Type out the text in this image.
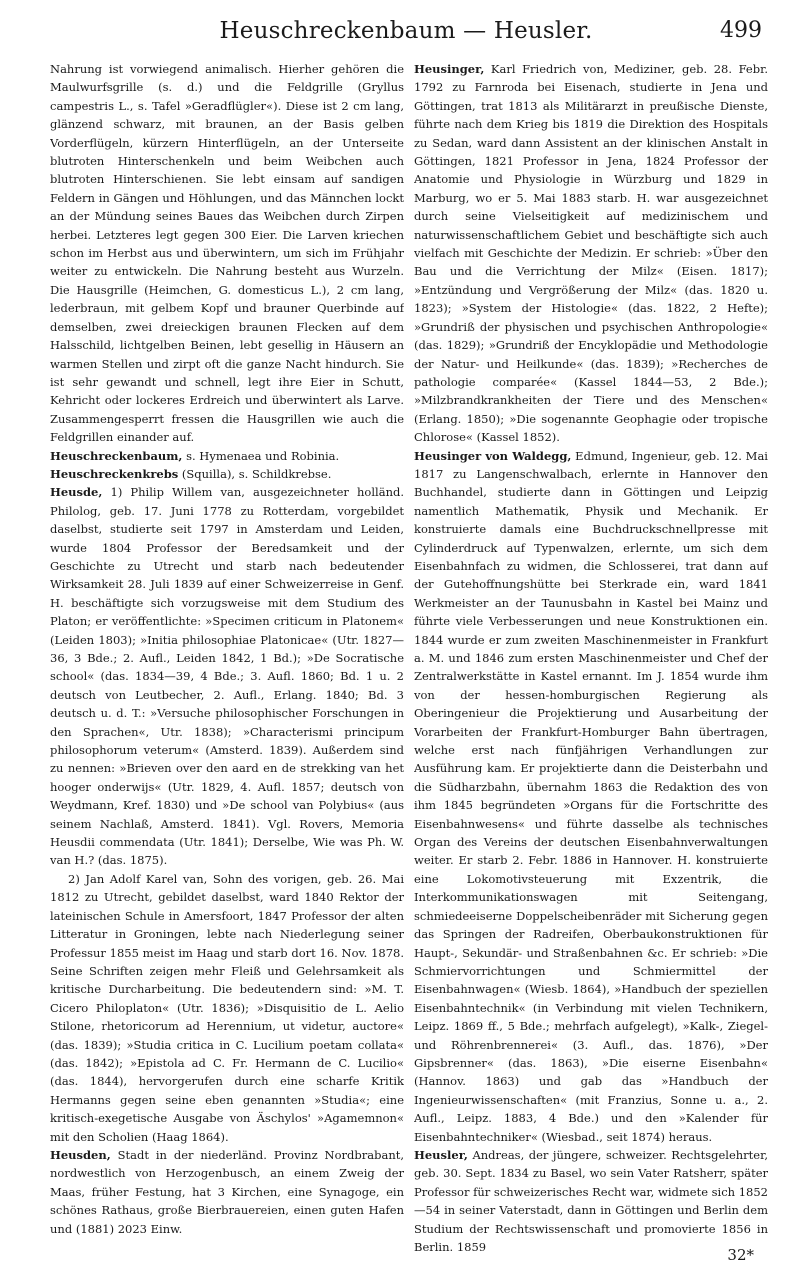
Heuschreckenbaum — Heusler.	499

Nahrung ist vorwiegend animalisch. Hierher gehören die Maulwurfsgrille (s. d.) und die Feldgrille (Gryllus campestris L., s. Tafel »Geradflügler«). Diese ist 2 cm lang, glänzend schwarz, mit braunen, an der Basis gelben Vorderflügeln, kürzern Hinterflügeln, an der Unterseite blutroten Hinterschenkeln und beim Weibchen auch blutroten Hinterschienen. Sie lebt einsam auf sandigen Feldern in Gängen und Höhlungen, und das Männchen lockt an der Mündung seines Baues das Weibchen durch Zirpen herbei. Letzteres legt gegen 300 Eier. Die Larven kriechen schon im Herbst aus und überwintern, um sich im Frühjahr weiter zu entwickeln. Die Nahrung besteht aus Wurzeln. Die Hausgrille (Heimchen, G. domesticus L.), 2 cm lang, lederbraun, mit gelbem Kopf und brauner Querbinde auf demselben, zwei dreieckigen braunen Flecken auf dem Halsschild, lichtgelben Beinen, lebt gesellig in Häusern an warmen Stellen und zirpt oft die ganze Nacht hindurch. Sie ist sehr gewandt und schnell, legt ihre Eier in Schutt, Kehricht oder lockeres Erdreich und überwintert als Larve. Zusammengesperrt fressen die Hausgrillen wie auch die Feldgrillen einander auf.

Heuschreckenbaum, s. Hymenaea und Robinia.

Heuschreckenkrebs (Squilla), s. Schildkrebse.

Heusde, 1) Philip Willem van, ausgezeichneter holländ. Philolog, geb. 17. Juni 1778 zu Rotterdam, vorgebildet daselbst, studierte seit 1797 in Amsterdam und Leiden, wurde 1804 Professor der Beredsamkeit und der Geschichte zu Utrecht und starb nach bedeutender Wirksamkeit 28. Juli 1839 auf einer Schweizerreise in Genf. H. beschäftigte sich vorzugsweise mit dem Studium des Platon; er veröffentlichte: »Specimen criticum in Platonem« (Leiden 1803); »Initia philosophiae Platonicae« (Utr. 1827—36, 3 Bde.; 2. Aufl., Leiden 1842, 1 Bd.); »De Socratische school« (das. 1834—39, 4 Bde.; 3. Aufl. 1860; Bd. 1 u. 2 deutsch von Leutbecher, 2. Aufl., Erlang. 1840; Bd. 3 deutsch u. d. T.: »Versuche philosophischer Forschungen in den Sprachen«, Utr. 1838); »Characterismi principum philosophorum veterum« (Amsterd. 1839). Außerdem sind zu nennen: »Brieven over den aard en de strekking van het hooger onderwijs« (Utr. 1829, 4. Aufl. 1857; deutsch von Weydmann, Kref. 1830) und »De school van Polybius« (aus seinem Nachlaß, Amsterd. 1841). Vgl. Rovers, Memoria Heusdii commendata (Utr. 1841); Derselbe, Wie was Ph. W. van H.? (das. 1875).

2) Jan Adolf Karel van, Sohn des vorigen, geb. 26. Mai 1812 zu Utrecht, gebildet daselbst, ward 1840 Rektor der lateinischen Schule in Amersfoort, 1847 Professor der alten Litteratur in Groningen, lebte nach Niederlegung seiner Professur 1855 meist im Haag und starb dort 16. Nov. 1878. Seine Schriften zeigen mehr Fleiß und Gelehrsamkeit als kritische Durcharbeitung. Die bedeutendern sind: »M. T. Cicero Philoplaton« (Utr. 1836); »Disquisitio de L. Aelio Stilone, rhetoricorum ad Herennium, ut videtur, auctore« (das. 1839); »Studia critica in C. Lucilium poetam collata« (das. 1842); »Epistola ad C. Fr. Hermann de C. Lucilio« (das. 1844), hervorgerufen durch eine scharfe Kritik Hermanns gegen seine eben genannten »Studia«; eine kritisch-exegetische Ausgabe von Äschylos' »Agamemnon« mit den Scholien (Haag 1864).

Heusden, Stadt in der niederländ. Provinz Nordbrabant, nordwestlich von Herzogenbusch, an einem Zweig der Maas, früher Festung, hat 3 Kirchen, eine Synagoge, ein schönes Rathaus, große Bierbrauereien, einen guten Hafen und (1881) 2023 Einw.

Heusinger, Karl Friedrich von, Mediziner, geb. 28. Febr. 1792 zu Farnroda bei Eisenach, studierte in Jena und Göttingen, trat 1813 als Militärarzt in preußische Dienste, führte nach dem Krieg bis 1819 die Direktion des Hospitals zu Sedan, ward dann Assistent an der klinischen Anstalt in Göttingen, 1821 Professor in Jena, 1824 Professor der Anatomie und Physiologie in Würzburg und 1829 in Marburg, wo er 5. Mai 1883 starb. H. war ausgezeichnet durch seine Vielseitigkeit auf medizinischem und naturwissenschaftlichem Gebiet und beschäftigte sich auch vielfach mit Geschichte der Medizin. Er schrieb: »Über den Bau und die Verrichtung der Milz« (Eisen. 1817); »Entzündung und Vergrößerung der Milz« (das. 1820 u. 1823); »System der Histologie« (das. 1822, 2 Hefte); »Grundriß der physischen und psychischen Anthropologie« (das. 1829); »Grundriß der Encyklopädie und Methodologie der Natur- und Heilkunde« (das. 1839); »Recherches de pathologie comparée« (Kassel 1844—53, 2 Bde.); »Milzbrandkrankheiten der Tiere und des Menschen« (Erlang. 1850); »Die sogenannte Geophagie oder tropische Chlorose« (Kassel 1852).

Heusinger von Waldegg, Edmund, Ingenieur, geb. 12. Mai 1817 zu Langenschwalbach, erlernte in Hannover den Buchhandel, studierte dann in Göttingen und Leipzig namentlich Mathematik, Physik und Mechanik. Er konstruierte damals eine Buchdruckschnellpresse mit Cylinderdruck auf Typenwalzen, erlernte, um sich dem Eisenbahnfach zu widmen, die Schlosserei, trat dann auf der Gutehoffnungshütte bei Sterkrade ein, ward 1841 Werkmeister an der Taunusbahn in Kastel bei Mainz und führte viele Verbesserungen und neue Konstruktionen ein. 1844 wurde er zum zweiten Maschinenmeister in Frankfurt a. M. und 1846 zum ersten Maschinenmeister und Chef der Zentralwerkstätte in Kastel ernannt. Im J. 1854 wurde ihm von der hessen-homburgischen Regierung als Oberingenieur die Projektierung und Ausarbeitung der Vorarbeiten der Frankfurt-Homburger Bahn übertragen, welche erst nach fünfjährigen Verhandlungen zur Ausführung kam. Er projektierte dann die Deisterbahn und die Südharzbahn, übernahm 1863 die Redaktion des von ihm 1845 begründeten »Organs für die Fortschritte des Eisenbahnwesens« und führte dasselbe als technisches Organ des Vereins der deutschen Eisenbahnverwaltungen weiter. Er starb 2. Febr. 1886 in Hannover. H. konstruierte eine Lokomotivsteuerung mit Exzentrik, die Interkommunikationswagen mit Seitengang, schmiedeeiserne Doppelscheibenräder mit Sicherung gegen das Springen der Radreifen, Oberbaukonstruktionen für Haupt-, Sekundär- und Straßenbahnen &c. Er schrieb: »Die Schmiervorrichtungen und Schmiermittel der Eisenbahnwagen« (Wiesb. 1864), »Handbuch der speziellen Eisenbahntechnik« (in Verbindung mit vielen Technikern, Leipz. 1869 ff., 5 Bde.; mehrfach aufgelegt), »Kalk-, Ziegel- und Röhrenbrennerei« (3. Aufl., das. 1876), »Der Gipsbrenner« (das. 1863), »Die eiserne Eisenbahn« (Hannov. 1863) und gab das »Handbuch der Ingenieurwissenschaften« (mit Franzius, Sonne u. a., 2. Aufl., Leipz. 1883, 4 Bde.) und den »Kalender für Eisenbahntechniker« (Wiesbad., seit 1874) heraus.

Heusler, Andreas, der jüngere, schweizer. Rechtsgelehrter, geb. 30. Sept. 1834 zu Basel, wo sein Vater Ratsherr, später Professor für schweizerisches Recht war, widmete sich 1852—54 in seiner Vaterstadt, dann in Göttingen und Berlin dem Studium der Rechtswissenschaft und promovierte 1856 in Berlin. 1859	32*
